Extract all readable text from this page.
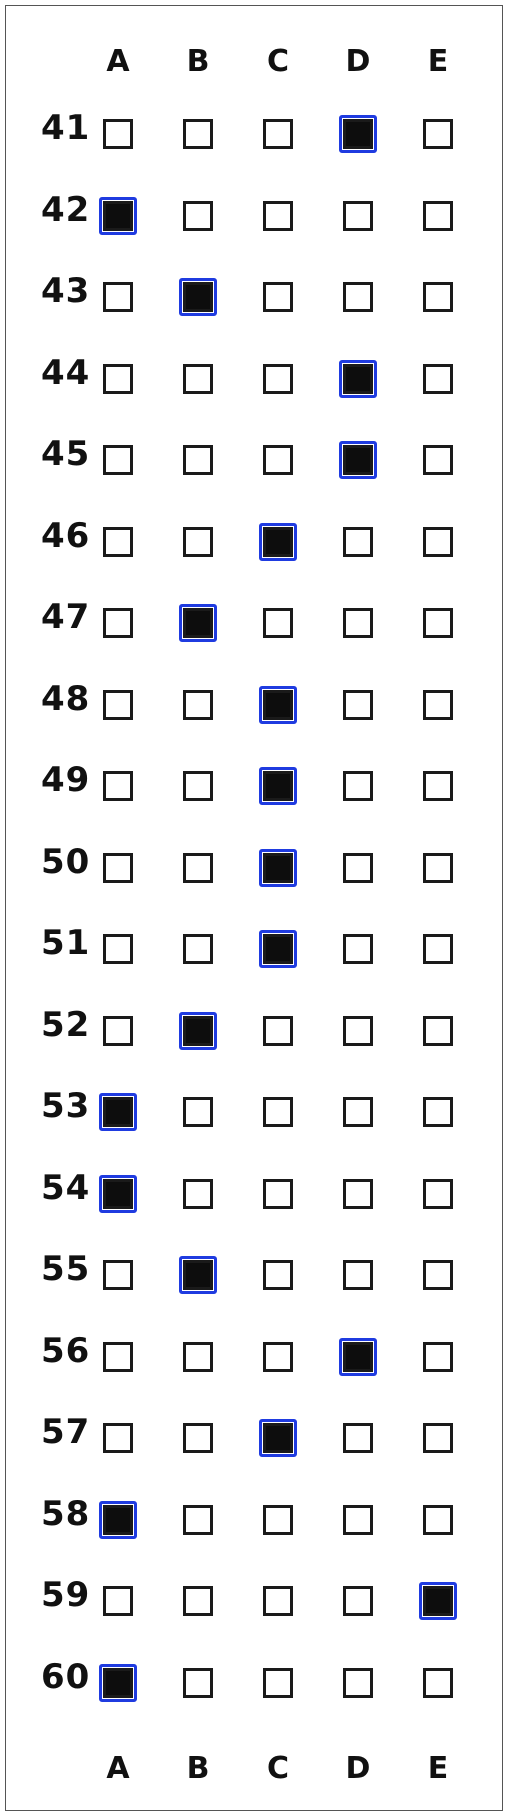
A B C D	E
41
42
43
44
45
46
47
48
49
50
51
52
53
54
55
56
57
58
59
60
A B C D	E
